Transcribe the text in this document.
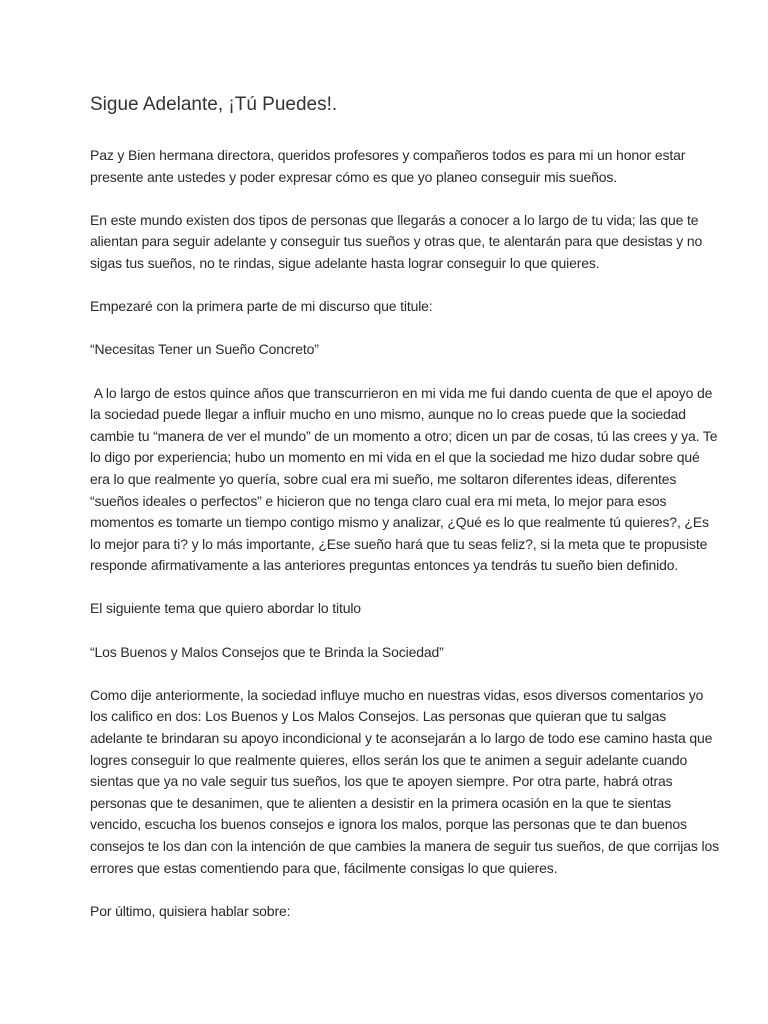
Sigue Adelante, ¡Tú Puedes!.

Paz y Bien hermana directora, queridos profesores y compañeros todos es para mi un honor estar presente ante ustedes y poder expresar cómo es que yo planeo conseguir mis sueños.

En este mundo existen dos tipos de personas que llegarás a conocer a lo largo de tu vida; las que te alientan para seguir adelante y conseguir tus sueños y otras que, te alentarán para que desistas y no sigas tus sueños, no te rindas, sigue adelante hasta lograr conseguir lo que quieres.

Empezaré con la primera parte de mi discurso que titule:

“Necesitas Tener un Sueño Concreto”

A lo largo de estos quince años que transcurrieron en mi vida me fui dando cuenta de que el apoyo de la sociedad puede llegar a influir mucho en uno mismo, aunque no lo creas puede que la sociedad cambie tu “manera de ver el mundo” de un momento a otro; dicen un par de cosas, tú las crees y ya. Te lo digo por experiencia; hubo un momento en mi vida en el que la sociedad me hizo dudar sobre qué era lo que realmente yo quería, sobre cual era mi sueño, me soltaron diferentes ideas, diferentes “sueños ideales o perfectos” e hicieron que no tenga claro cual era mi meta, lo mejor para esos momentos es tomarte un tiempo contigo mismo y analizar, ¿Qué es lo que realmente tú quieres?, ¿Es lo mejor para ti? y lo más importante, ¿Ese sueño hará que tu seas feliz?, si la meta que te propusiste responde afirmativamente a las anteriores preguntas entonces ya tendrás tu sueño bien definido.

El siguiente tema que quiero abordar lo titulo

“Los Buenos y Malos Consejos que te Brinda la Sociedad”

Como dije anteriormente, la sociedad influye mucho en nuestras vidas, esos diversos comentarios yo los califico en dos: Los Buenos y Los Malos Consejos. Las personas que quieran que tu salgas adelante te brindaran su apoyo incondicional y te aconsejarán a lo largo de todo ese camino hasta que logres conseguir lo que realmente quieres, ellos serán los que te animen a seguir adelante cuando sientas que ya no vale seguir tus sueños, los que te apoyen siempre. Por otra parte, habrá otras personas que te desanimen, que te alienten a desistir en la primera ocasión en la que te sientas vencido, escucha los buenos consejos e ignora los malos, porque las personas que te dan buenos consejos te los dan con la intención de que cambies la manera de seguir tus sueños, de que corrijas los errores que estas comentiendo para que, fácilmente consigas lo que quieres.

Por último, quisiera hablar sobre:
